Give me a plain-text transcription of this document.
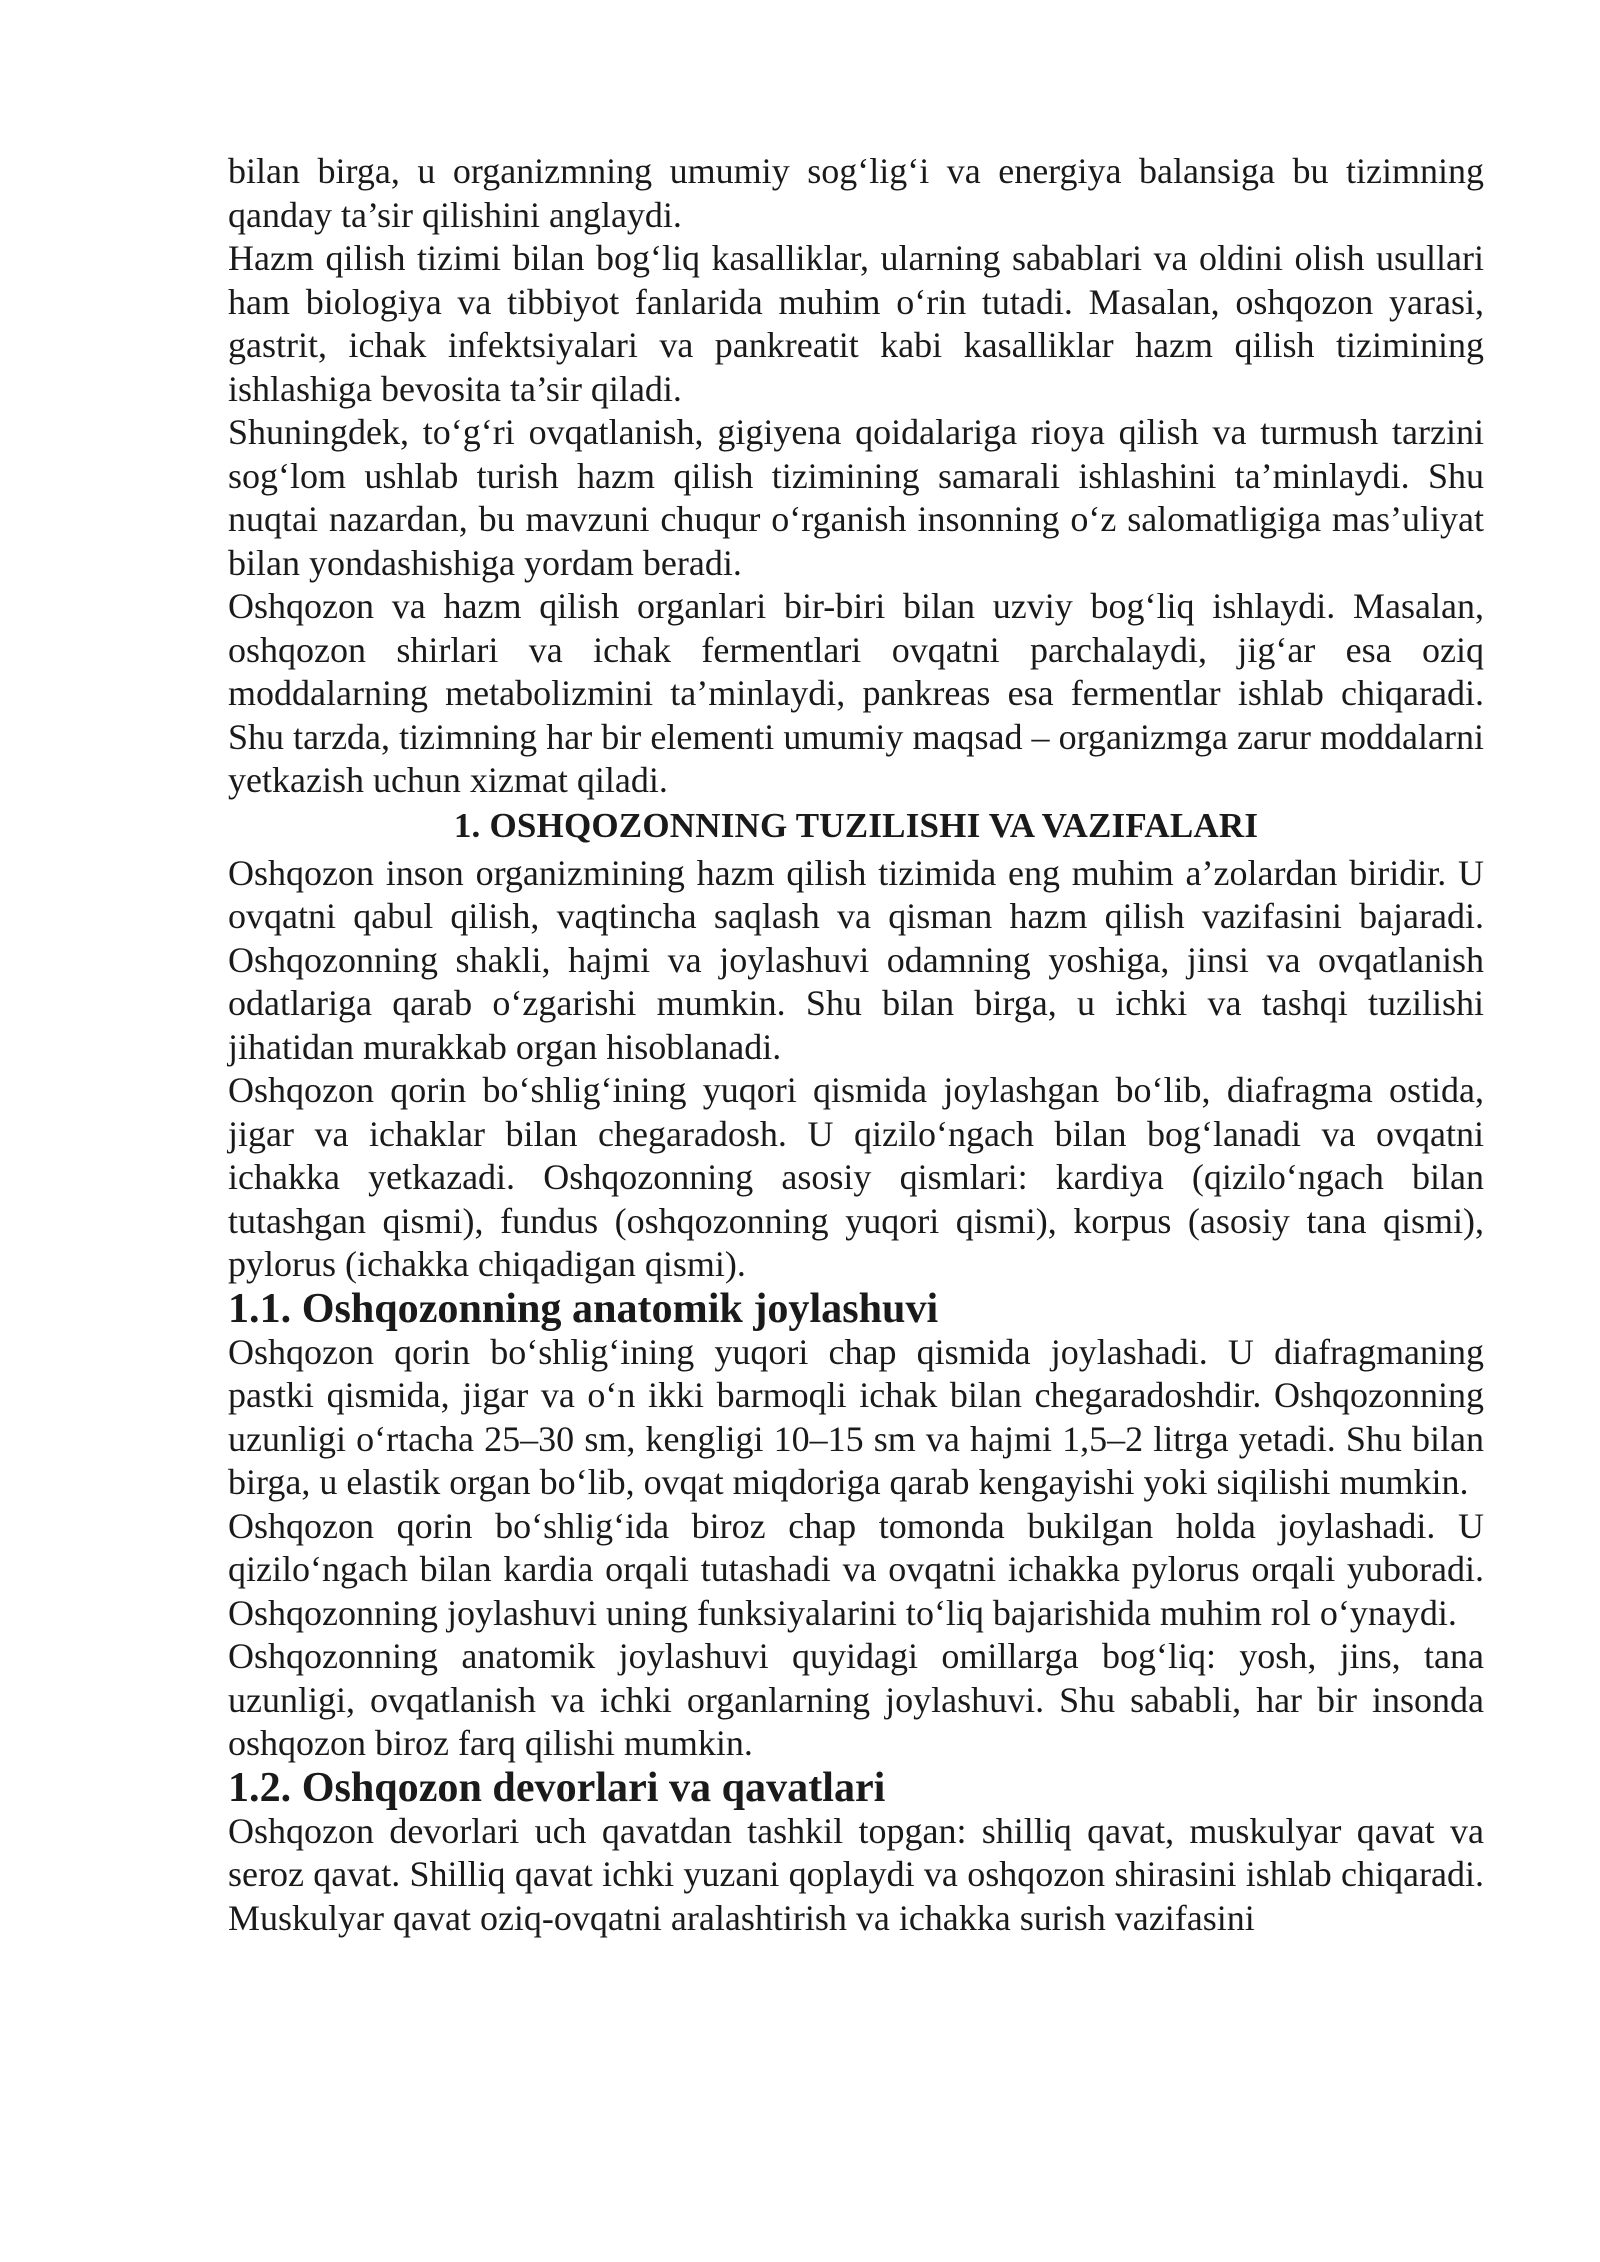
bilan birga, u organizmning umumiy sog‘lig‘i va energiya balansiga bu tizimning qanday ta’sir qilishini anglaydi.

Hazm qilish tizimi bilan bog‘liq kasalliklar, ularning sabablari va oldini olish usullari ham biologiya va tibbiyot fanlarida muhim o‘rin tutadi. Masalan, oshqozon yarasi, gastrit, ichak infektsiyalari va pankreatit kabi kasalliklar hazm qilish tizimining ishlashiga bevosita ta’sir qiladi.

Shuningdek, to‘g‘ri ovqatlanish, gigiyena qoidalariga rioya qilish va turmush tarzini sog‘lom ushlab turish hazm qilish tizimining samarali ishlashini ta’minlaydi. Shu nuqtai nazardan, bu mavzuni chuqur o‘rganish insonning o‘z salomatligiga mas’uliyat bilan yondashishiga yordam beradi.

Oshqozon va hazm qilish organlari bir-biri bilan uzviy bog‘liq ishlaydi. Masalan, oshqozon shirlari va ichak fermentlari ovqatni parchalaydi, jig‘ar esa oziq moddalarning metabolizmini ta’minlaydi, pankreas esa fermentlar ishlab chiqaradi. Shu tarzda, tizimning har bir elementi umumiy maqsad – organizmga zarur moddalarni yetkazish uchun xizmat qiladi.

1. OSHQOZONNING TUZILISHI VA VAZIFALARI

Oshqozon inson organizmining hazm qilish tizimida eng muhim a’zolardan biridir. U ovqatni qabul qilish, vaqtincha saqlash va qisman hazm qilish vazifasini bajaradi. Oshqozonning shakli, hajmi va joylashuvi odamning yoshiga, jinsi va ovqatlanish odatlariga qarab o‘zgarishi mumkin. Shu bilan birga, u ichki va tashqi tuzilishi jihatidan murakkab organ hisoblanadi.

Oshqozon qorin bo‘shlig‘ining yuqori qismida joylashgan bo‘lib, diafragma ostida, jigar va ichaklar bilan chegaradosh. U qizilo‘ngach bilan bog‘lanadi va ovqatni ichakka yetkazadi. Oshqozonning asosiy qismlari: kardiya (qizilo‘ngach bilan tutashgan qismi), fundus (oshqozonning yuqori qismi), korpus (asosiy tana qismi), pylorus (ichakka chiqadigan qismi).

1.1. Oshqozonning anatomik joylashuvi

Oshqozon qorin bo‘shlig‘ining yuqori chap qismida joylashadi. U diafragmaning pastki qismida, jigar va o‘n ikki barmoqli ichak bilan chegaradoshdir. Oshqozonning uzunligi o‘rtacha 25–30 sm, kengligi 10–15 sm va hajmi 1,5–2 litrga yetadi. Shu bilan birga, u elastik organ bo‘lib, ovqat miqdoriga qarab kengayishi yoki siqilishi mumkin.

Oshqozon qorin bo‘shlig‘ida biroz chap tomonda bukilgan holda joylashadi. U qizilo‘ngach bilan kardia orqali tutashadi va ovqatni ichakka pylorus orqali yuboradi. Oshqozonning joylashuvi uning funksiyalarini to‘liq bajarishida muhim rol o‘ynaydi.

Oshqozonning anatomik joylashuvi quyidagi omillarga bog‘liq: yosh, jins, tana uzunligi, ovqatlanish va ichki organlarning joylashuvi. Shu sababli, har bir insonda oshqozon biroz farq qilishi mumkin.

1.2. Oshqozon devorlari va qavatlari

Oshqozon devorlari uch qavatdan tashkil topgan: shilliq qavat, muskulyar qavat va seroz qavat. Shilliq qavat ichki yuzani qoplaydi va oshqozon shirasini ishlab chiqaradi. Muskulyar qavat oziq-ovqatni aralashtirish va ichakka surish vazifasini
